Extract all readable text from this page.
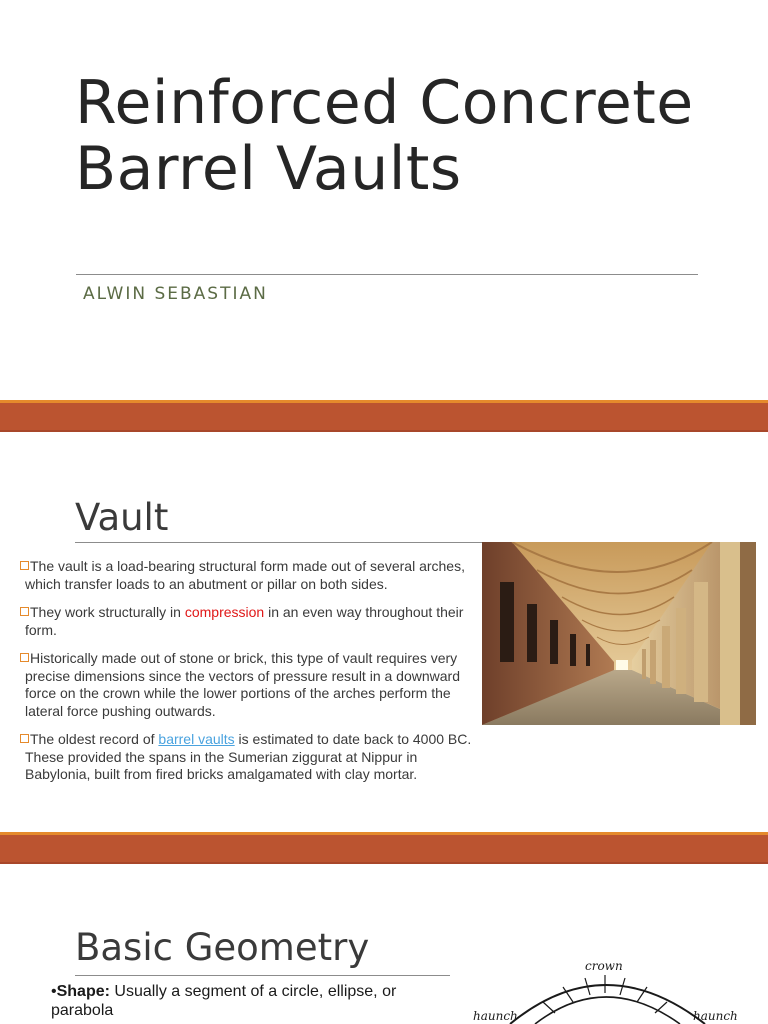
Reinforced Concrete Barrel Vaults

ALWIN SEBASTIAN

Vault
The vault is a load-bearing structural form made out of several arches, which transfer loads to an abutment or pillar on both sides.
They work structurally in compression in an even way throughout their form.
Historically made out of stone or brick, this type of vault requires very precise dimensions since the vectors of pressure result in a downward force on the crown while the lower portions of the arches perform the lateral force pushing outwards.
The oldest record of barrel vaults is estimated to date back to 4000 BC. These provided the spans in the Sumerian ziggurat at Nippur in Babylonia, built from fired bricks amalgamated with clay mortar.
Basic Geometry
•Shape: Usually a segment of a circle, ellipse, or parabola
crown
haunch	haunch
